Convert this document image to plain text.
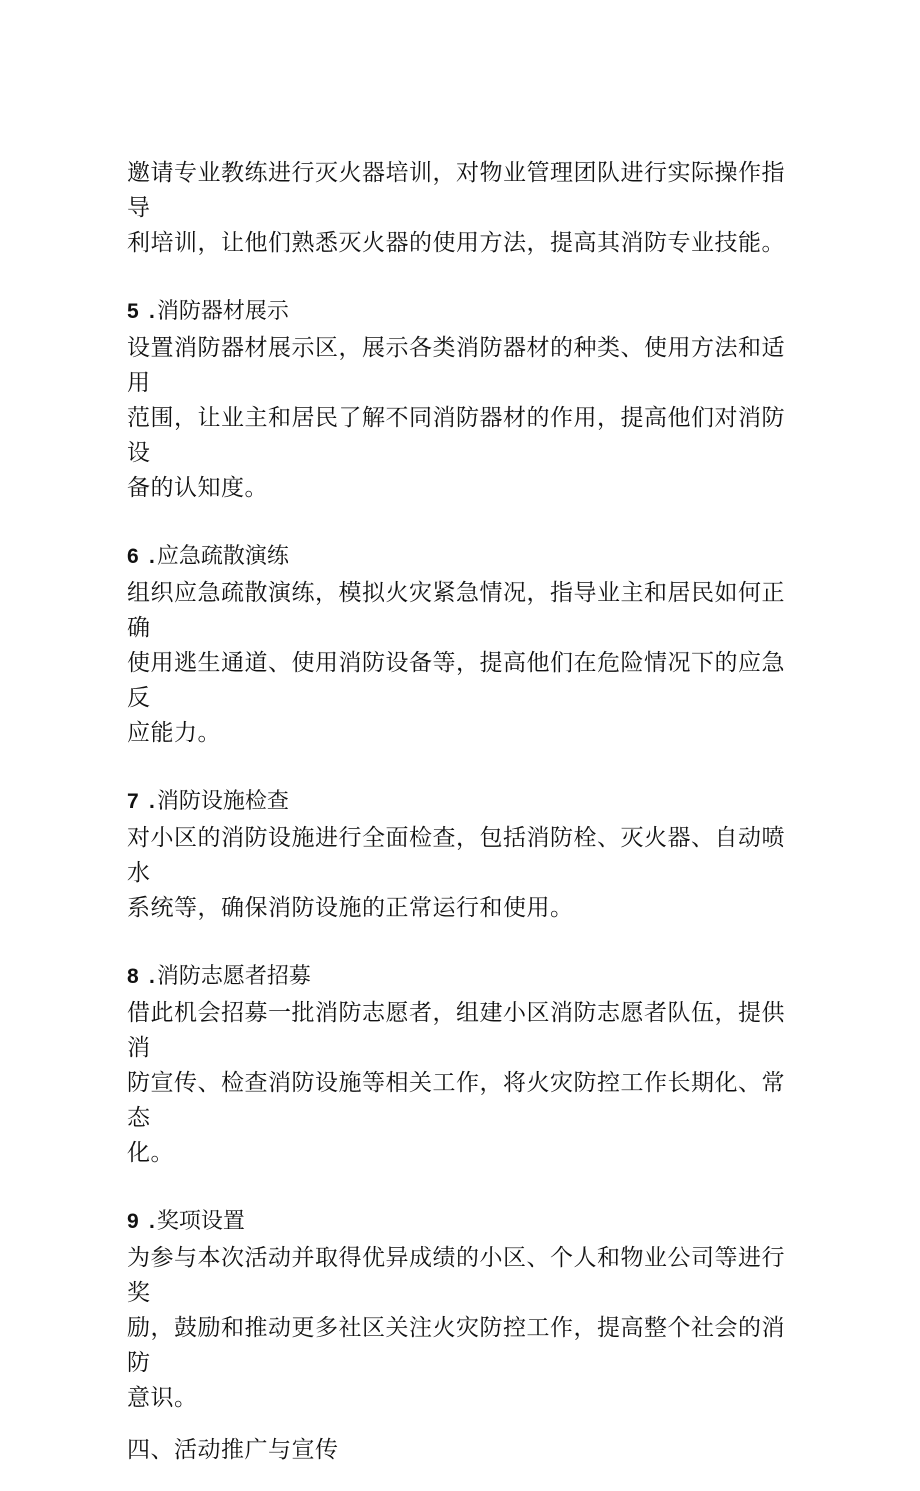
邀请专业教练进行灭火器培训，对物业管理团队进行实际操作指导

利培训，让他们熟悉灭火器的使用方法，提高其消防专业技能。

5 .消防器材展示

设置消防器材展示区，展示各类消防器材的种类、使用方法和适用

范围，让业主和居民了解不同消防器材的作用，提高他们对消防设

备的认知度。

6 .应急疏散演练

组织应急疏散演练，模拟火灾紧急情况，指导业主和居民如何正确

使用逃生通道、使用消防设备等，提高他们在危险情况下的应急反

应能力。

7 .消防设施检查

对小区的消防设施进行全面检查，包括消防栓、灭火器、自动喷水

系统等，确保消防设施的正常运行和使用。

8 .消防志愿者招募

借此机会招募一批消防志愿者，组建小区消防志愿者队伍，提供消

防宣传、检查消防设施等相关工作，将火灾防控工作长期化、常态

化。

9 .奖项设置

为参与本次活动并取得优异成绩的小区、个人和物业公司等进行奖

励，鼓励和推动更多社区关注火灾防控工作，提高整个社会的消防

意识。

四、活动推广与宣传
